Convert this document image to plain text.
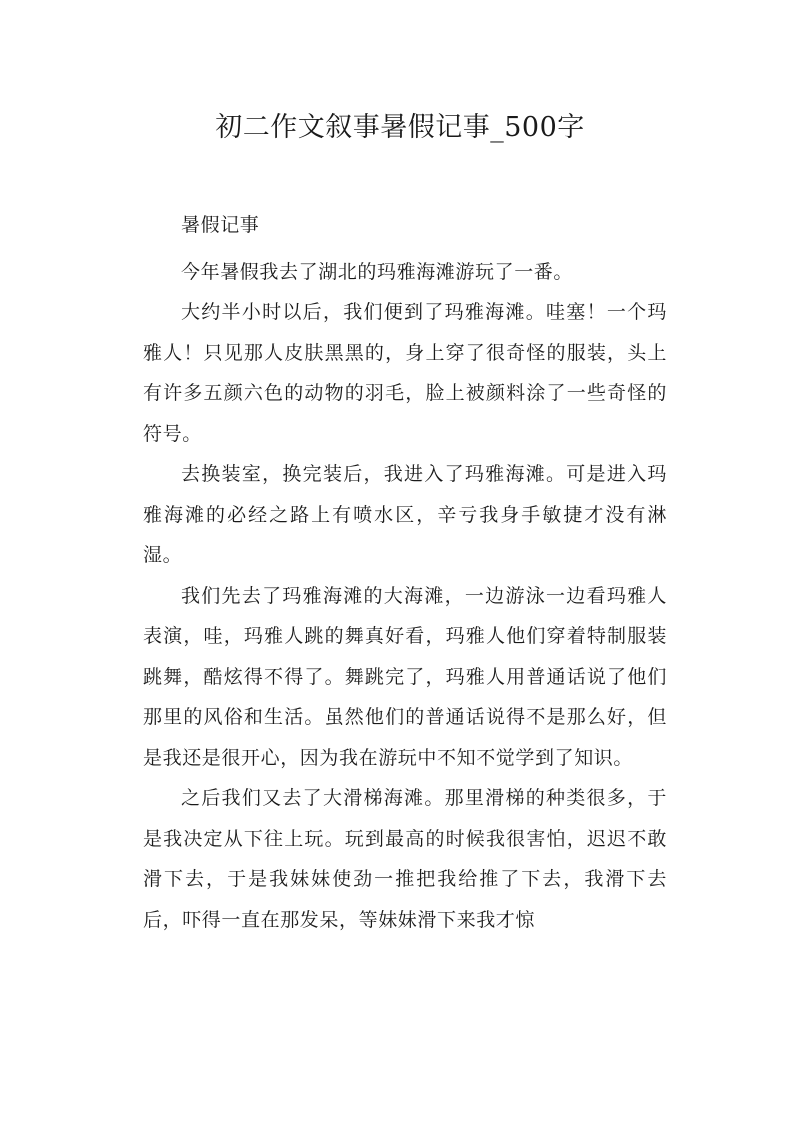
初二作文叙事暑假记事_500字

暑假记事

今年暑假我去了湖北的玛雅海滩游玩了一番。

大约半小时以后，我们便到了玛雅海滩。哇塞！一个玛雅人！只见那人皮肤黑黑的，身上穿了很奇怪的服装，头上有许多五颜六色的动物的羽毛，脸上被颜料涂了一些奇怪的符号。

去换装室，换完装后，我进入了玛雅海滩。可是进入玛雅海滩的必经之路上有喷水区，辛亏我身手敏捷才没有淋湿。

我们先去了玛雅海滩的大海滩，一边游泳一边看玛雅人表演，哇，玛雅人跳的舞真好看，玛雅人他们穿着特制服装跳舞，酷炫得不得了。舞跳完了，玛雅人用普通话说了他们那里的风俗和生活。虽然他们的普通话说得不是那么好，但是我还是很开心，因为我在游玩中不知不觉学到了知识。

之后我们又去了大滑梯海滩。那里滑梯的种类很多，于是我决定从下往上玩。玩到最高的时候我很害怕，迟迟不敢滑下去，于是我妹妹使劲一推把我给推了下去，我滑下去后，吓得一直在那发呆，等妹妹滑下来我才惊
